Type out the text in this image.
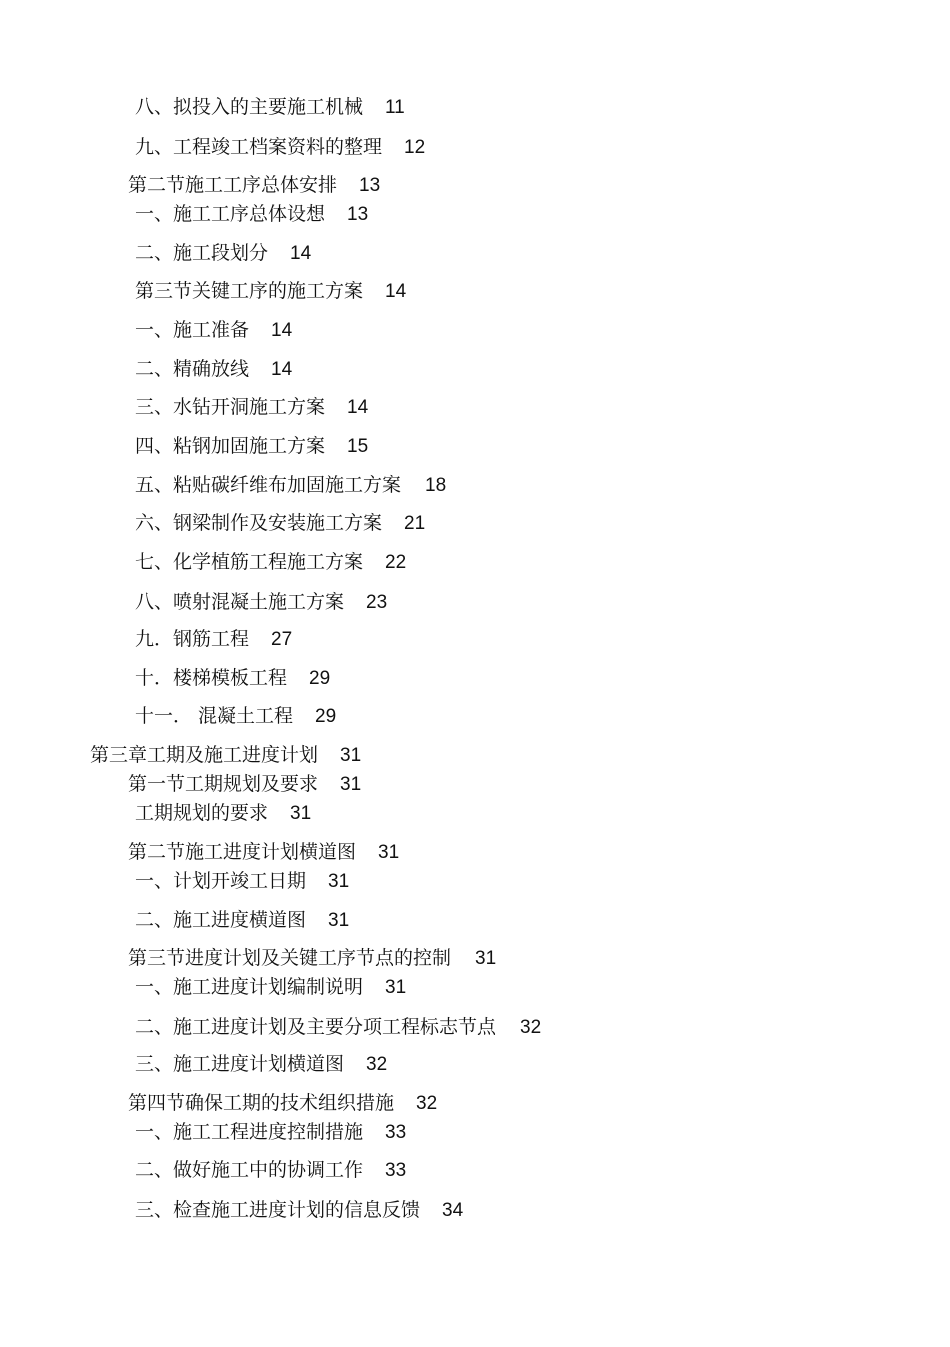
八、拟投入的主要施工机械 11
九、工程竣工档案资料的整理 12
第二节施工工序总体安排 13
一、施工工序总体设想 13
二、施工段划分 14
第三节关键工序的施工方案 14
一、施工准备 14
二、精确放线 14
三、水钻开洞施工方案 14
四、粘钢加固施工方案 15
五、粘贴碳纤维布加固施工方案 18
六、钢梁制作及安装施工方案 21
七、化学植筋工程施工方案 22
八、喷射混凝土施工方案 23
九．钢筋工程 27
十．楼梯模板工程 29
十一． 混凝土工程 29
第三章工期及施工进度计划 31
第一节工期规划及要求 31
工期规划的要求 31
第二节施工进度计划横道图 31
一、计划开竣工日期 31
二、施工进度横道图 31
第三节进度计划及关键工序节点的控制 31
一、施工进度计划编制说明 31
二、施工进度计划及主要分项工程标志节点 32
三、施工进度计划横道图 32
第四节确保工期的技术组织措施 32
一、施工工程进度控制措施 33
二、做好施工中的协调工作 33
三、检查施工进度计划的信息反馈 34
